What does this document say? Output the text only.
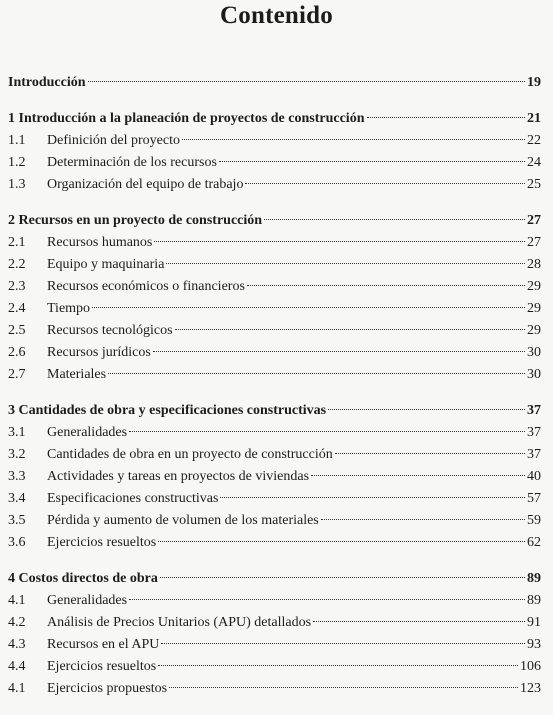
Contenido
Introducción	19
1 Introducción a la planeación de proyectos de construcción	21
1.1	Definición del proyecto	22
1.2	Determinación de los recursos	24
1.3	Organización del equipo de trabajo	25
2 Recursos en un proyecto de construcción	27
2.1	Recursos humanos	27
2.2	Equipo y maquinaria	28
2.3	Recursos económicos o financieros	29
2.4	Tiempo	29
2.5	Recursos tecnológicos	29
2.6	Recursos jurídicos	30
2.7	Materiales	30
3 Cantidades de obra y especificaciones constructivas	37
3.1	Generalidades	37
3.2	Cantidades de obra en un proyecto de construcción	37
3.3	Actividades y tareas en proyectos de viviendas	40
3.4	Especificaciones constructivas	57
3.5	Pérdida y aumento de volumen de los materiales	59
3.6	Ejercicios resueltos	62
4 Costos directos de obra	89
4.1	Generalidades	89
4.2	Análisis de Precios Unitarios (APU) detallados	91
4.3	Recursos en el APU	93
4.4	Ejercicios resueltos	106
4.1	Ejercicios propuestos	123
